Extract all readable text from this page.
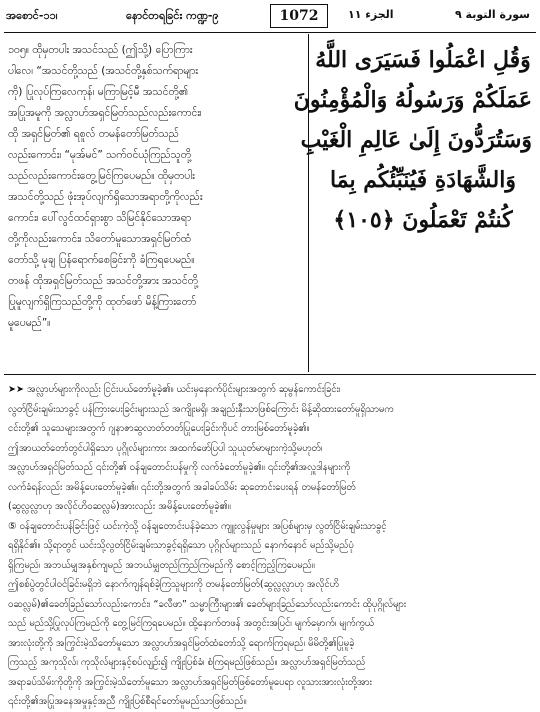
အစောင်-၁၁၊	နောင်တရခြင်း ကဏ္ဍ-၉	1072	الجزء ١١	سورة التوبة ٩

၁၀၅။ ထိုမှတပါး အသင်သည် (ဤသို့) ပြောကြား

ပါလေ၊ “အသင်တို့သည် (အသင်တို့နှစ်သက်ရာများ

ကို) ပြုလုပ်ကြလေကုန်၊ မကြာမြင့်မီ အသင်တို့၏

အပြုအမူကို အလ္လာဟ်အရှင်မြတ်သည်လည်းကောင်း၊

ထို အရှင်မြတ်၏ ရစူလ် တမန်တော်မြတ်သည်

လည်းကောင်း၊ “မုအ်မင်” သက်ဝင်ယုံကြည်သူတို့

သည်လည်းကောင်းတွေ့မြင်ကြပေမည်။ ထိုမှတပါး

အသင်တို့သည် ဖုံးအုပ်လျက်ရှိသောအရာတို့ကိုလည်း

ကောင်း၊ ပေါ်လွင်ထင်ရှားစွာ သိမြင်နိုင်သောအရာ

တို့ကိုလည်းကောင်း၊ သိတော်မူသောအရှင်မြတ်ထံ

တော်သို့ မုချ ပြန်ရောက်စေခြင်းကို ခံကြရပေမည်။

တဖန် ထိုအရှင်မြတ်သည် အသင်တို့အား အသင်တို့

ပြုမူလျက်ရှိကြသည်တို့ကို ထုတ်ဖော် မိန့်ကြားတော်

မူပေမည်”။

وَقُلِ اعْمَلُوا فَسَيَرَى اللَّهُ

عَمَلَكُمْ وَرَسُولُهُ وَالْمُؤْمِنُونَ

وَسَتُرَدُّونَ إِلَىٰ عَالِمِ الْغَيْبِ

وَالشَّهَادَةِ فَيُنَبِّئُكُم بِمَا

كُنتُمْ تَعْمَلُونَ ﴿١٠٥﴾

➤➤ အလ္လာဟ်များကိုလည်း ငြင်းပယ်တော်မူခဲ့၏။ ယင်းမှနောက်ပိုင်းများအတွက် ဆုမွန်ကောင်းခြင်း၊

လွတ်ငြိမ်းချမ်းသာခွင့် ပန်ကြားပေးခြင်းများသည် အကျိုးမရှိ၊ အချည်းနှီးသာဖြစ်ကြောင်း မိန့်ဆိုထားတော်မူရှိသာမက

ငင်းတို့၏ သူသေများအတွက် ဂျနာဇာဆွလာတ်တတ်ပြုပေးခြင်းကိုပင် တားမြစ်တော်မူခဲ့၏။

ဤအာယတ်တော်တွင်ပါရှိသော ပုဂ္ဂိုလ်များကား အထက်ဖော်ပြပါ သူယုတ်မာများကဲ့သို့မဟုတ်၊

အလ္လာဟ်အရှင်မြတ်သည် ၎င်းတို့၏ ဝန်ချတောင်းပန်မှုကို လက်ခံတော်မူခဲ့၏။ ၎င်းတို့၏အလှူဒါနများကို

လက်ခံရန်လည်း အမိန့်ပေးတော်မူခဲ့၏။ ၎င်းတို့အတွက် အခါခပ်သိမ်း ဆုတောင်းပေးရန် တမန်တော်မြတ်

(ဆွလ္လလ္လာဟု အလိုင်ဟိဝဆလ္လမ်)အားလည်း အမိန့်ပေးတော်မူခဲ့၏။

⑤ ဝန်ချတောင်းပန်ခြင်းဖြင့် ယင်းကဲ့သို့ ဝန်ချတောင်းပန်ခဲ့သော ကျူးလွန်မှုများ အပြစ်များမှ လွတ်ငြိမ်းချမ်းသာခွင့်

ရရှိနိုင်၏။ သို့ရာတွင် ယင်းသို့လွတ်ငြိမ်းချမ်းသာခွင့်ရရှိသော ပုဂ္ဂိုလ်များသည် နောက်နောင် မည်သို့မည်ပုံ

ရှိကြမည်၊ အဘယ်မျှအနှစ်ကျမည် အဘယ်မျှတည်ကြည်ကြမည်ကို စောင့်ကြည့်ကြပေမည်။

ဤစစ်ပွဲတွင်ပါဝင်ခြင်းမရှိဘဲ နောက်ကျန်ရစ်ခဲ့ကြသူများကို တမန်တော်မြတ်(ဆွလ္လလ္လာဟု အလိုင်ဟိ

ဝဆလ္လမ်)၏ခေတ်ခြည်သော်လည်းကောင်း၊ “ခလီဖာ” သမ္မာကြီးများ၏ ခေတ်များခြည်သော်လည်းကောင်း ထိုပုဂ္ဂိုလ်များ

သည် မည်သို့ပြုလုပ်ကြမည်ကို တွေ့မြင်ကြရပေမည်။ ထို့နောက်တဖန် အတွင်းအပြင်၊ မျက်မှောက်၊ မျက်ကွယ်

အားလုံးတို့ကို အကြွင်းမဲ့သိတော်မူသော အလ္လာဟ်အရှင်မြတ်ထံတော်သို့ ရောက်ကြရမည်၊ မိမိတို့၏ပြုမူခဲ့

ကြသည့် အကုသိုလ်၊ ကုသိုလ်များနှင့်စပ်လျဉ်း၍ ကျိုးပြစ်ခံ၊ စံကြရမည်ဖြစ်သည်။ အလ္လာဟ်အရှင်မြတ်သည်

အရာခပ်သိမ်းကိုတို့ကို အကြွင်းမဲ့သိတော်မူသော အလ္လာဟ်အရှင်မြတ်ဖြစ်တော်မူပေရာ လူသားအားလုံးတို့အား

၎င်းတို့၏အပြုအနေအမှုနှင့်အညီ ကျိုးပြစ်စီရင်တော်မူမည်သာဖြစ်သည်။
